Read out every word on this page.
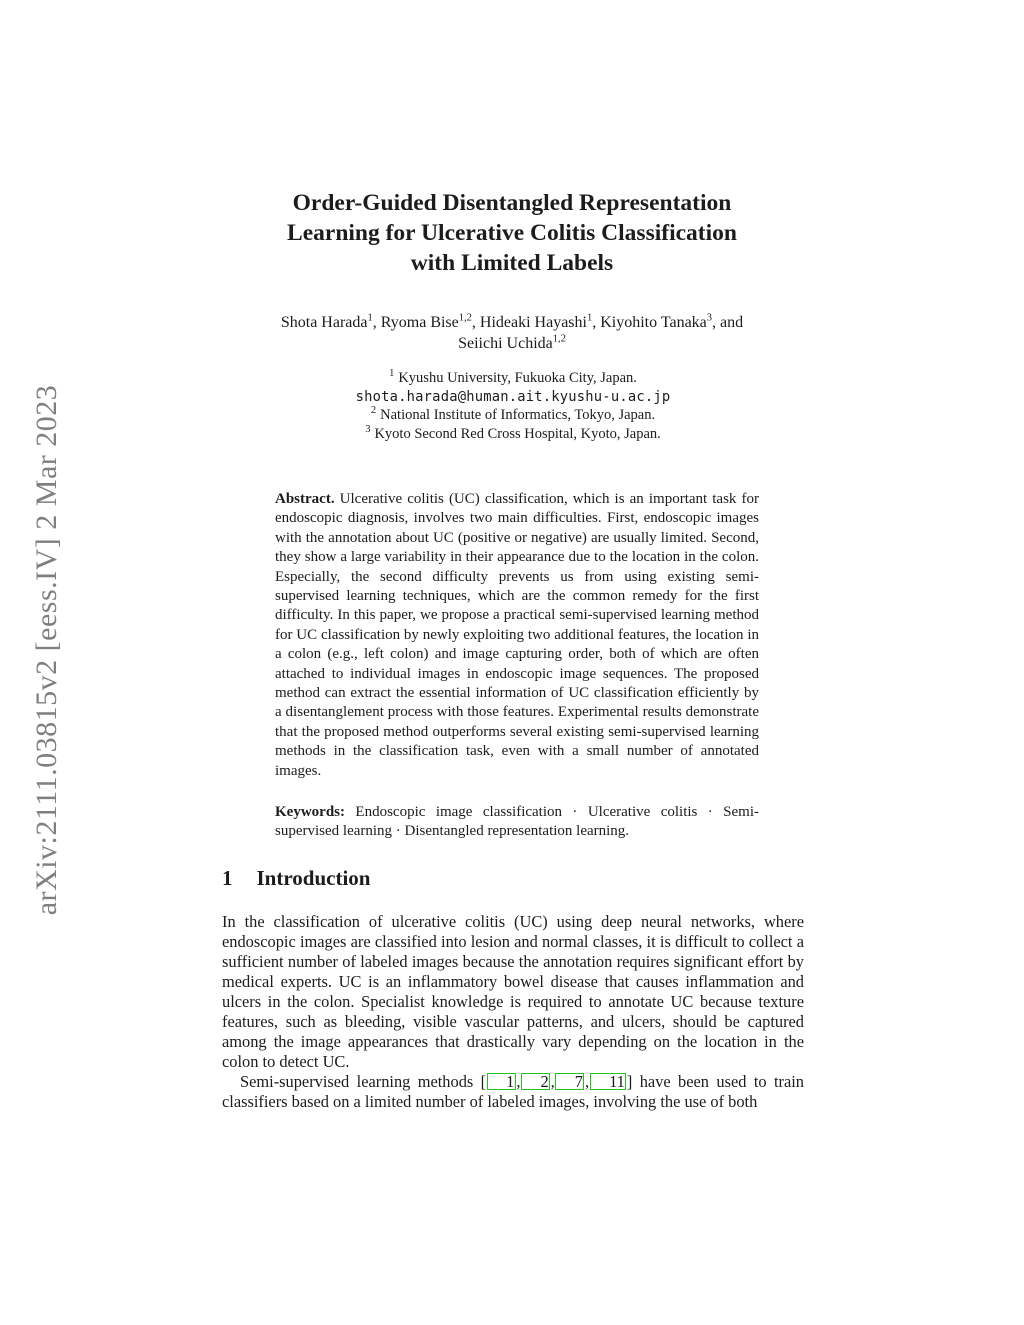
arXiv:2111.03815v2 [eess.IV] 2 Mar 2023
Order-Guided Disentangled Representation
Learning for Ulcerative Colitis Classification
with Limited Labels
Shota Harada$^1$, Ryoma Bise$^{1,2}$, Hideaki Hayashi$^1$, Kiyohito Tanaka$^3$, and
Seiichi Uchida$^{1,2}$
$^1$ Kyushu University, Fukuoka City, Japan.
shota.harada@human.ait.kyushu-u.ac.jp
$^2$ National Institute of Informatics, Tokyo, Japan.
$^3$ Kyoto Second Red Cross Hospital, Kyoto, Japan.

Abstract. Ulcerative colitis (UC) classification, which is an important task for endoscopic diagnosis, involves two main difficulties. First, endoscopic images with the annotation about UC (positive or negative) are usually limited. Second, they show a large variability in their appearance due to the location in the colon. Especially, the second difficulty prevents us from using existing semi-supervised learning techniques, which are the common remedy for the first difficulty. In this paper, we propose a practical semi-supervised learning method for UC classification by newly exploiting two additional features, the location in a colon (e.g., left colon) and image capturing order, both of which are often attached to individual images in endoscopic image sequences. The proposed method can extract the essential information of UC classification efficiently by a disentanglement process with those features. Experimental results demonstrate that the proposed method outperforms several existing semi-supervised learning methods in the classification task, even with a small number of annotated images.

Keywords: Endoscopic image classification · Ulcerative colitis · Semi-supervised learning · Disentangled representation learning.

1 Introduction

In the classification of ulcerative colitis (UC) using deep neural networks, where endoscopic images are classified into lesion and normal classes, it is difficult to collect a sufficient number of labeled images because the annotation requires significant effort by medical experts. UC is an inflammatory bowel disease that causes inflammation and ulcers in the colon. Specialist knowledge is required to annotate UC because texture features, such as bleeding, visible vascular patterns, and ulcers, should be captured among the image appearances that drastically vary depending on the location in the colon to detect UC.

Semi-supervised learning methods [ 1 , 2 , 7 , 11 ] have been used to train classifiers based on a limited number of labeled images, involving the use of both
